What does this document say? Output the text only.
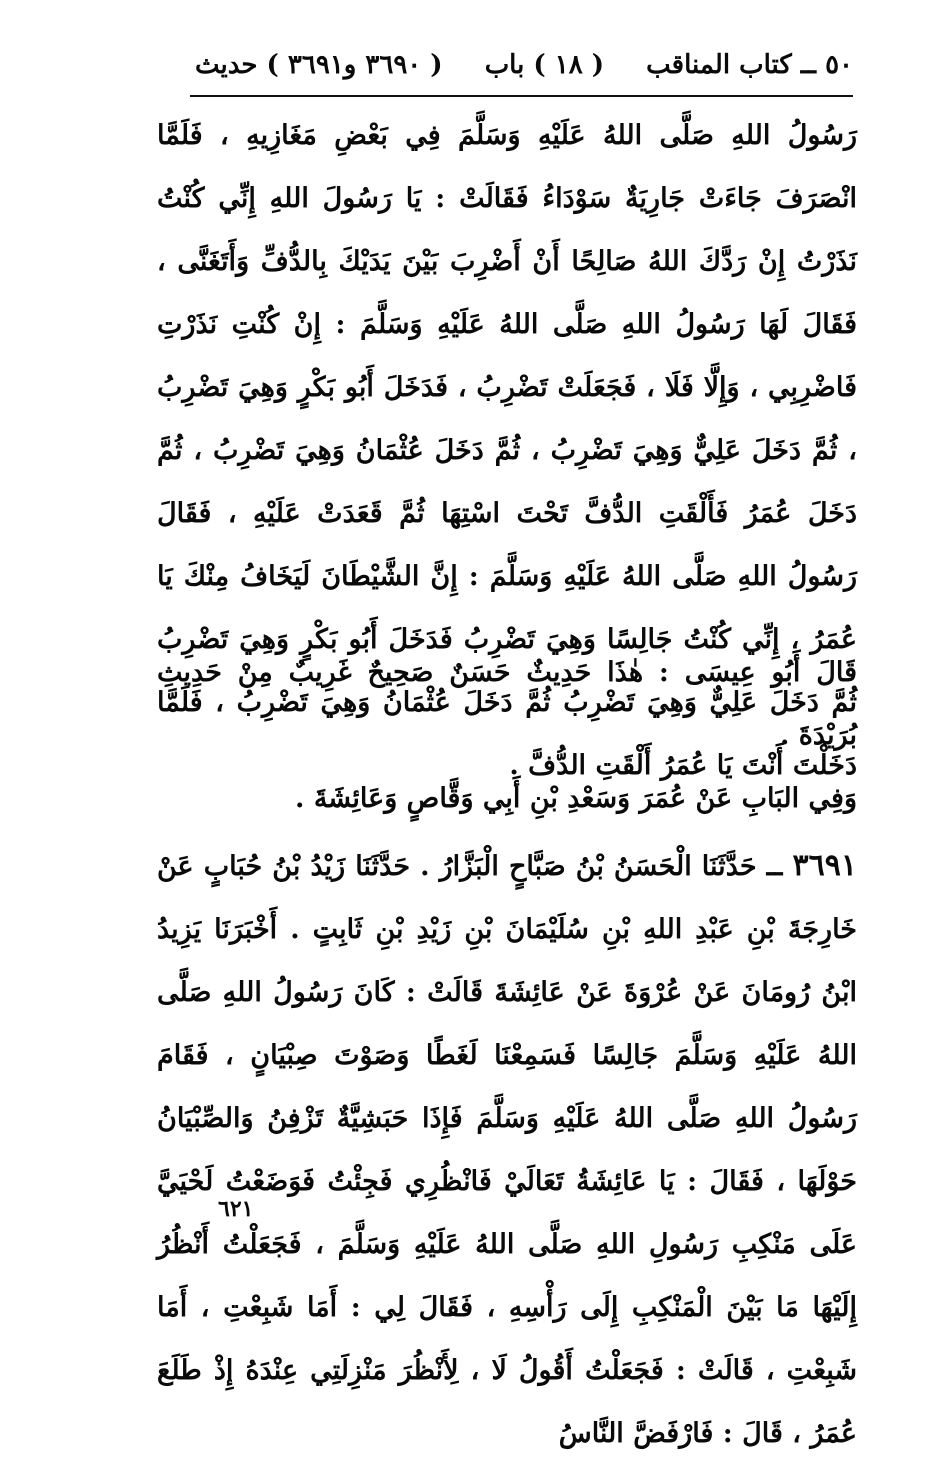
٥٠ ــ كتاب المناقب
( ١٨ ) باب
( ٣٦٩٠ و٣٦٩١ ) حديث

رَسُولُ اللهِ صَلَّى اللهُ عَلَيْهِ وَسَلَّمَ فِي بَعْضِ مَغَازِيهِ ، فَلَمَّا انْصَرَفَ جَاءَتْ جَارِيَةٌ سَوْدَاءُ فَقَالَتْ : يَا رَسُولَ اللهِ إِنِّي كُنْتُ نَذَرْتُ إِنْ رَدَّكَ اللهُ صَالِحًا أَنْ أَضْرِبَ بَيْنَ يَدَيْكَ بِالدُّفِّ وَأَتَغَنَّى ، فَقَالَ لَهَا رَسُولُ اللهِ صَلَّى اللهُ عَلَيْهِ وَسَلَّمَ : إِنْ كُنْتِ نَذَرْتِ فَاضْرِبِي ، وَإِلَّا فَلَا ، فَجَعَلَتْ تَضْرِبُ ، فَدَخَلَ أَبُو بَكْرٍ وَهِيَ تَضْرِبُ ، ثُمَّ دَخَلَ عَلِيٌّ وَهِيَ تَضْرِبُ ، ثُمَّ دَخَلَ عُثْمَانُ وَهِيَ تَضْرِبُ ، ثُمَّ دَخَلَ عُمَرُ فَأَلْقَتِ الدُّفَّ تَحْتَ اسْتِهَا ثُمَّ قَعَدَتْ عَلَيْهِ ، فَقَالَ رَسُولُ اللهِ صَلَّى اللهُ عَلَيْهِ وَسَلَّمَ : إِنَّ الشَّيْطَانَ لَيَخَافُ مِنْكَ يَا عُمَرُ ، إِنِّي كُنْتُ جَالِسًا وَهِيَ تَضْرِبُ فَدَخَلَ أَبُو بَكْرٍ وَهِيَ تَضْرِبُ ثُمَّ دَخَلَ عَلِيٌّ وَهِيَ تَضْرِبُ ثُمَّ دَخَلَ عُثْمَانُ وَهِيَ تَضْرِبُ ، فَلَمَّا دَخَلْتَ أَنْتَ يَا عُمَرُ أَلْقَتِ الدُّفَّ .

قَالَ أَبُو عِيسَى : هٰذَا حَدِيثٌ حَسَنٌ صَحِيحٌ غَرِيبٌ مِنْ حَدِيثِ بُرَيْدَةَ .

وَفِي البَابِ عَنْ عُمَرَ وَسَعْدِ بْنِ أَبِي وَقَّاصٍ وَعَائِشَةَ .

٣٦٩١ ــ حَدَّثَنَا الْحَسَنُ بْنُ صَبَّاحٍ الْبَزَّارُ . حَدَّثَنَا زَيْدُ بْنُ حُبَابٍ عَنْ خَارِجَةَ بْنِ عَبْدِ اللهِ بْنِ سُلَيْمَانَ بْنِ زَيْدِ بْنِ ثَابِتٍ . أَخْبَرَنَا يَزِيدُ ابْنُ رُومَانَ عَنْ عُرْوَةَ عَنْ عَائِشَةَ قَالَتْ : كَانَ رَسُولُ اللهِ صَلَّى اللهُ عَلَيْهِ وَسَلَّمَ جَالِسًا فَسَمِعْنَا لَغَطًا وَصَوْتَ صِبْيَانٍ ، فَقَامَ رَسُولُ اللهِ صَلَّى اللهُ عَلَيْهِ وَسَلَّمَ فَإِذَا حَبَشِيَّةٌ تَزْفِنُ وَالصِّبْيَانُ حَوْلَهَا ، فَقَالَ : يَا عَائِشَةُ تَعَالَيْ فَانْظُرِي فَجِئْتُ فَوَضَعْتُ لَحْيَيَّ عَلَى مَنْكِبِ رَسُولِ اللهِ صَلَّى اللهُ عَلَيْهِ وَسَلَّمَ ، فَجَعَلْتُ أَنْظُرُ إِلَيْهَا مَا بَيْنَ الْمَنْكِبِ إِلَى رَأْسِهِ ، فَقَالَ لِي : أَمَا شَبِعْتِ ، أَمَا شَبِعْتِ ، قَالَتْ : فَجَعَلْتُ أَقُولُ لَا ، لِأَنْظُرَ مَنْزِلَتِي عِنْدَهُ إِذْ طَلَعَ عُمَرُ ، قَالَ : فَارْفَضَّ النَّاسُ

٦٢١
